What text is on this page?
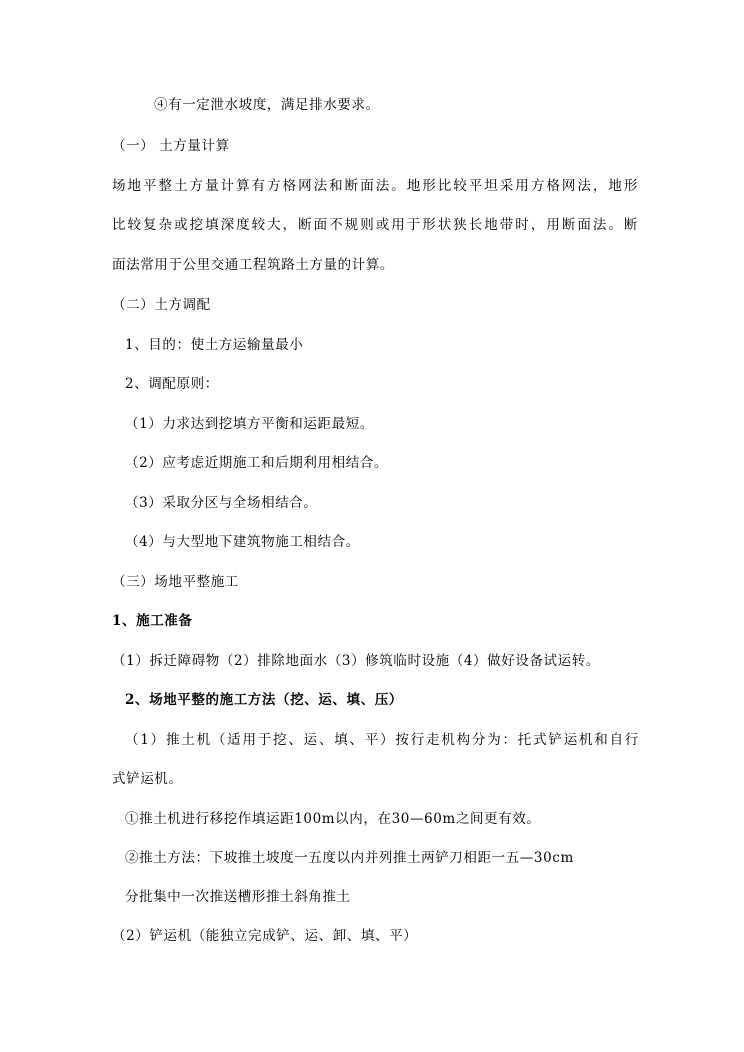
④有一定泄水坡度，满足排水要求。
（一） 土方量计算
场地平整土方量计算有方格网法和断面法。地形比较平坦采用方格网法，地形
比较复杂或挖填深度较大，断面不规则或用于形状狭长地带时，用断面法。断
面法常用于公里交通工程筑路土方量的计算。
（二）土方调配
1、目的：使土方运输量最小
2、调配原则：
（1）力求达到挖填方平衡和运距最短。
（2）应考虑近期施工和后期利用相结合。
（3）采取分区与全场相结合。
（4）与大型地下建筑物施工相结合。
（三）场地平整施工
1、施工准备
（1）拆迁障碍物（2）排除地面水（3）修筑临时设施（4）做好设备试运转。
2、场地平整的施工方法（挖、运、填、压）
（1）推土机（适用于挖、运、填、平）按行走机构分为：托式铲运机和自行
式铲运机。
①推土机进行移挖作填运距100m以内，在30—60m之间更有效。
②推土方法：下坡推土坡度一五度以内并列推土两铲刀相距一五—30cm
分批集中一次推送槽形推土斜角推土
（2）铲运机（能独立完成铲、运、卸、填、平）
